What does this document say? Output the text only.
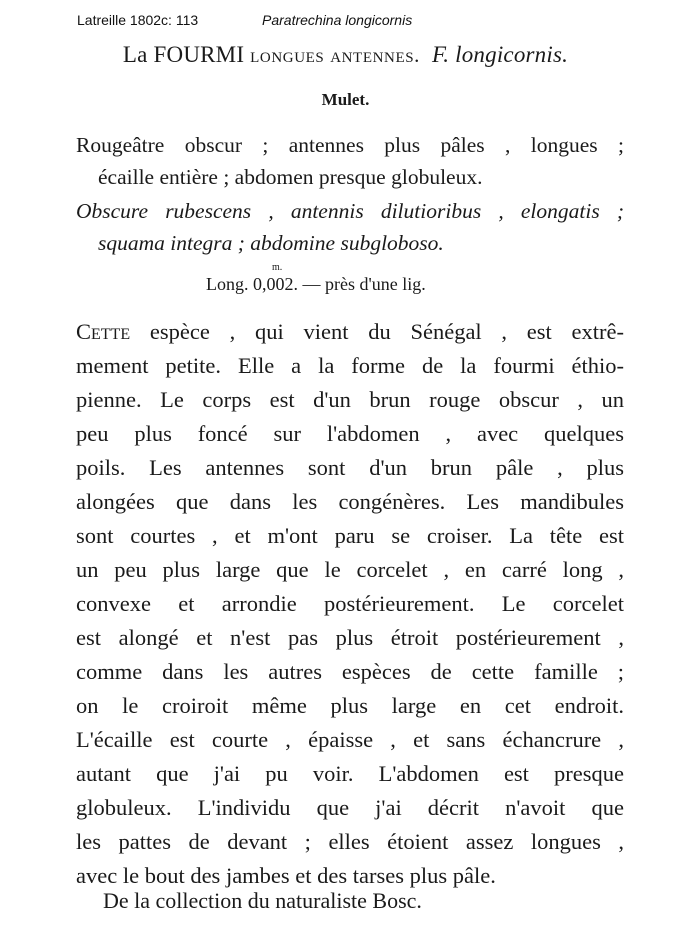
Latreille 1802c: 113	Paratrechina longicornis
La FOURMI longues antennes. F. longicornis.
Mulet.
Rougeâtre obscur ; antennes plus pâles , longues ;
écaille entière ; abdomen presque globuleux.
Obscure rubescens , antennis dilutioribus , elongatis ;
squama integra ; abdomine subgloboso.
m.
Long. 0,002. — près d'une lig.
Cette espèce , qui vient du Sénégal , est extrê-
mement petite. Elle a la forme de la fourmi éthio-
pienne. Le corps est d'un brun rouge obscur , un
peu plus foncé sur l'abdomen , avec quelques
poils. Les antennes sont d'un brun pâle , plus
alongées que dans les congénères. Les mandibules
sont courtes , et m'ont paru se croiser. La tête est
un peu plus large que le corcelet , en carré long ,
convexe et arrondie postérieurement. Le corcelet
est alongé et n'est pas plus étroit postérieurement ,
comme dans les autres espèces de cette famille ;
on le croiroit même plus large en cet endroit.
L'écaille est courte , épaisse , et sans échancrure ,
autant que j'ai pu voir. L'abdomen est presque
globuleux. L'individu que j'ai décrit n'avoit que
les pattes de devant ; elles étoient assez longues ,
avec le bout des jambes et des tarses plus pâle.
De la collection du naturaliste Bosc.
